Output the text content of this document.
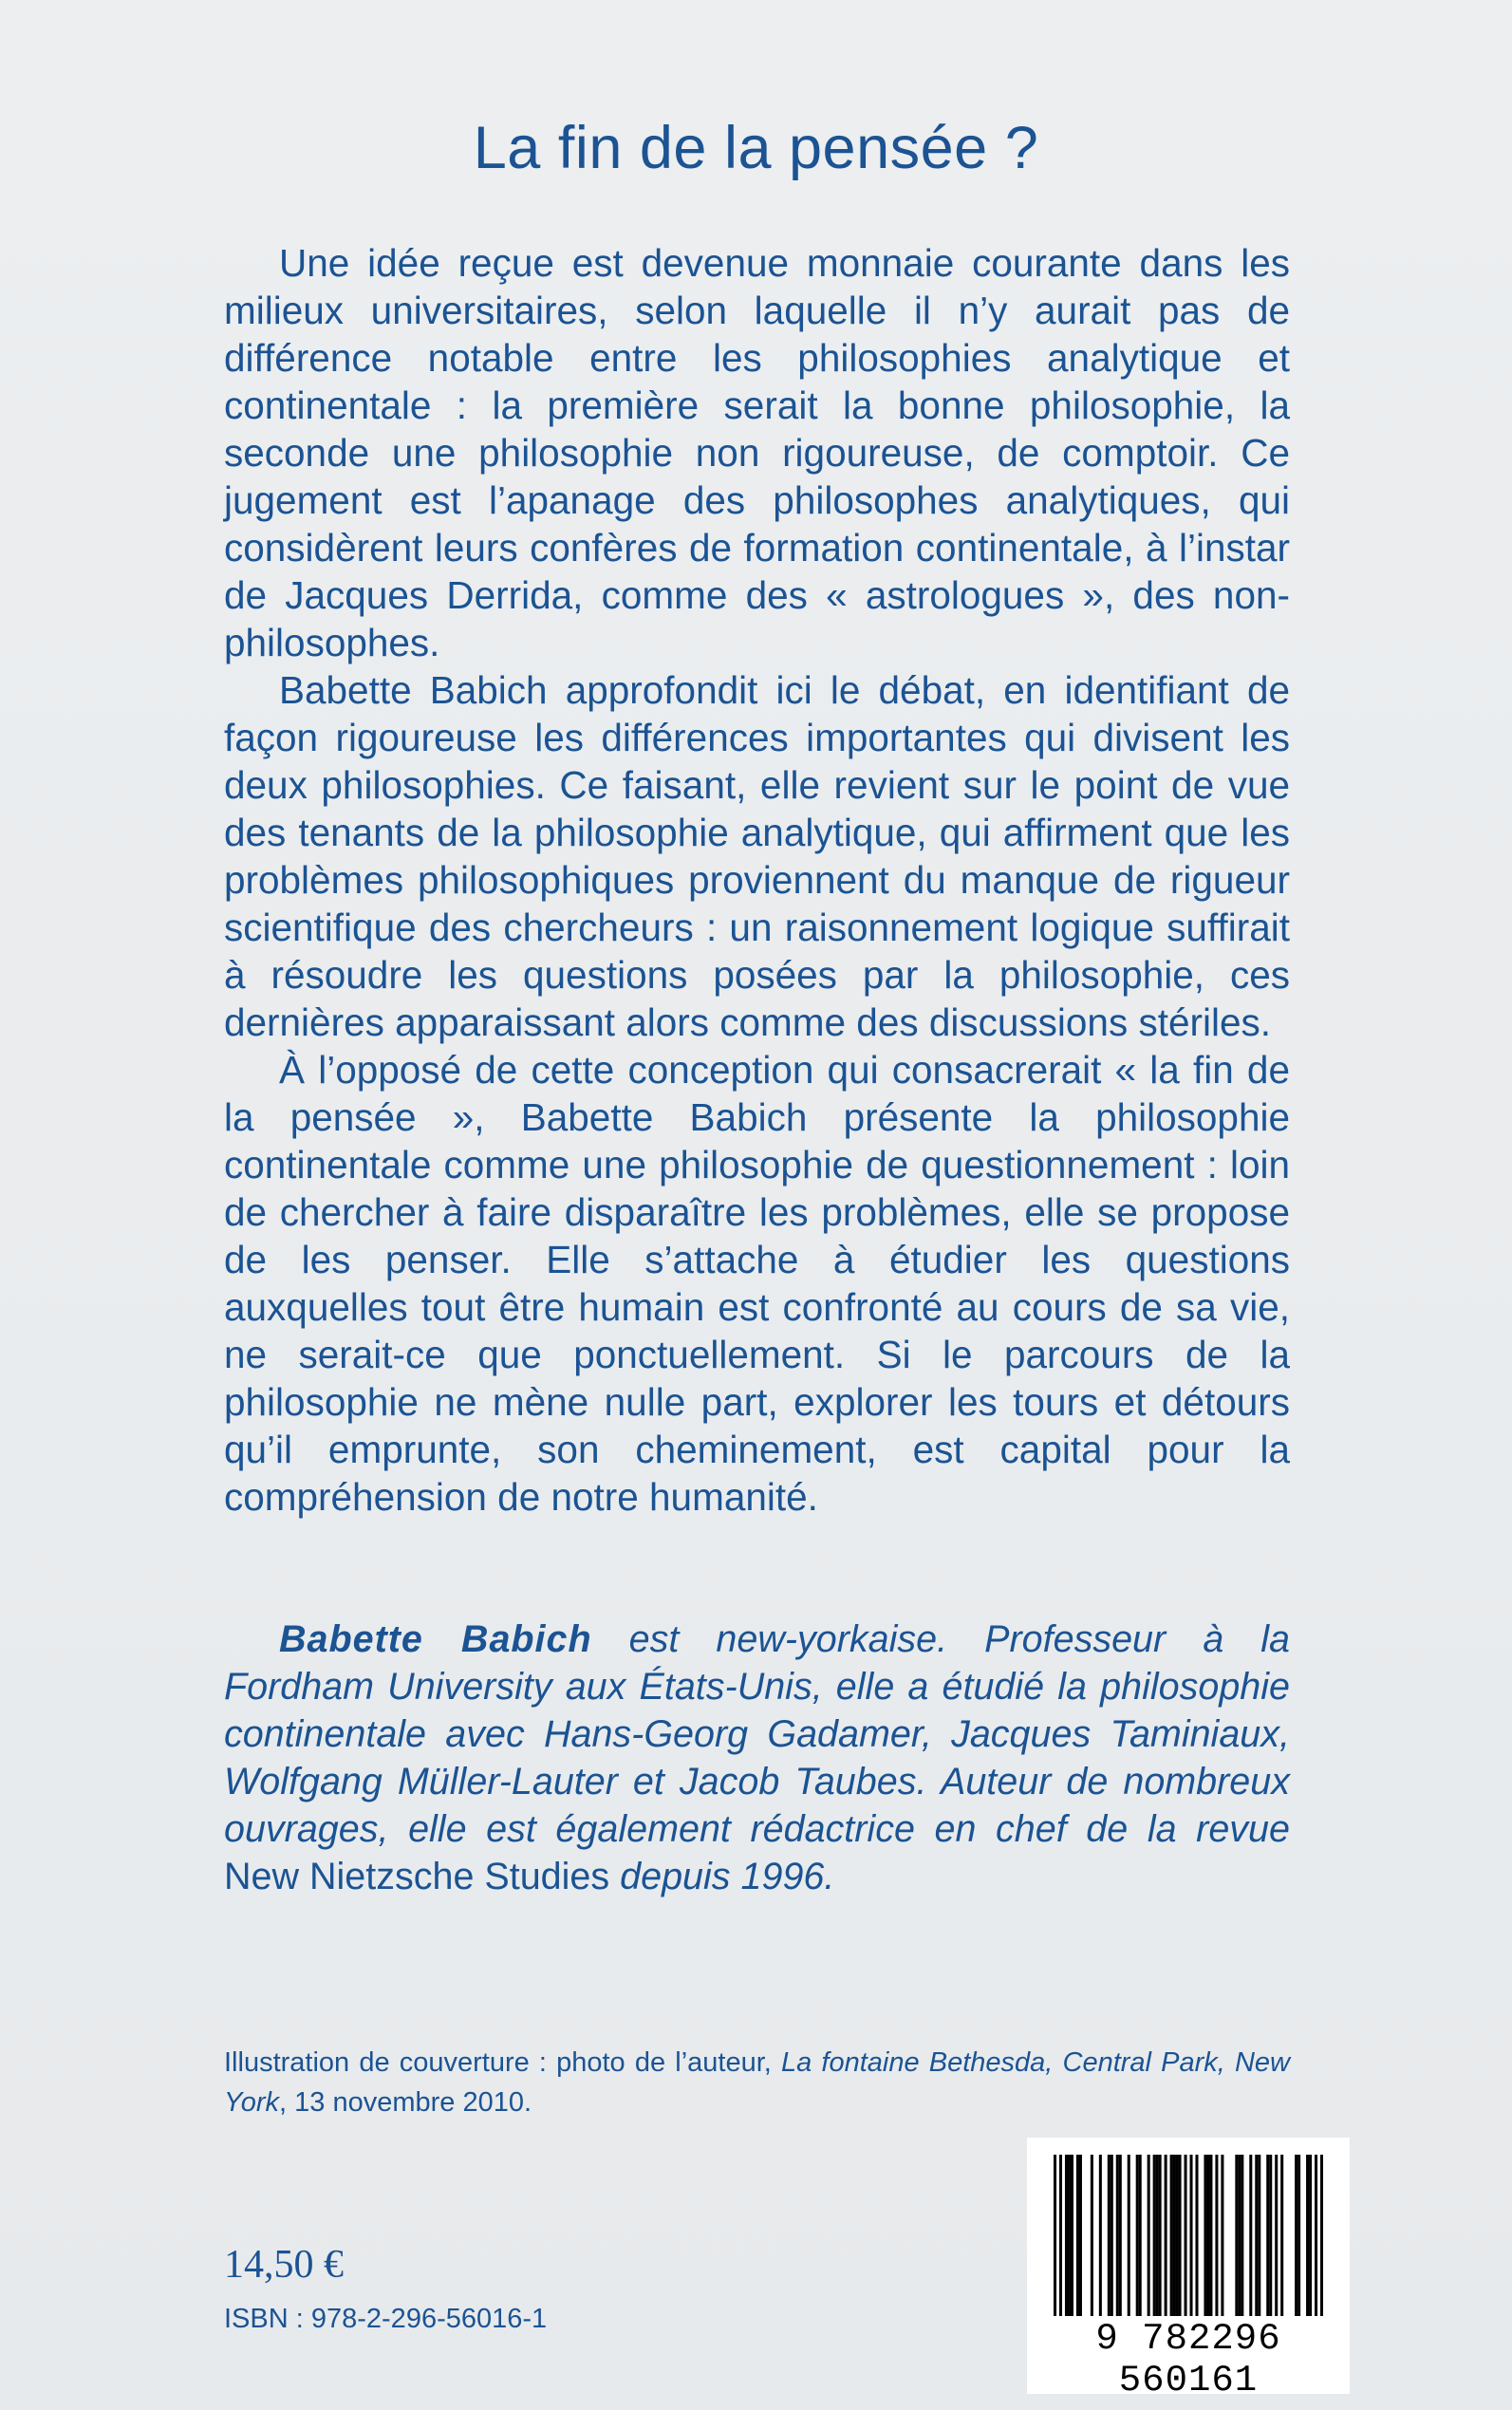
La fin de la pensée ?

Une idée reçue est devenue monnaie courante dans les milieux universitaires, selon laquelle il n’y aurait pas de différence notable entre les philosophies analytique et continentale : la première serait la bonne philosophie, la seconde une philosophie non rigoureuse, de comptoir. Ce jugement est l’apanage des philosophes analytiques, qui considèrent leurs confères de formation continentale, à l’instar de Jacques Derrida, comme des « astrologues », des non-philosophes.

Babette Babich approfondit ici le débat, en identifiant de façon rigoureuse les différences importantes qui divisent les deux philosophies. Ce faisant, elle revient sur le point de vue des tenants de la philosophie analytique, qui affirment que les problèmes philosophiques proviennent du manque de rigueur scientifique des chercheurs : un raisonnement logique suffirait à résoudre les questions posées par la philosophie, ces dernières apparaissant alors comme des discussions stériles.

À l’opposé de cette conception qui consacrerait « la fin de la pensée », Babette Babich présente la philosophie continentale comme une philosophie de questionnement : loin de chercher à faire disparaître les problèmes, elle se propose de les penser. Elle s’attache à étudier les questions auxquelles tout être humain est confronté au cours de sa vie, ne serait-ce que ponctuellement. Si le parcours de la philosophie ne mène nulle part, explorer les tours et détours qu’il emprunte, son cheminement, est capital pour la compréhension de notre humanité.

Babette Babich est new-yorkaise. Professeur à la Fordham University aux États-Unis, elle a étudié la philosophie continentale avec Hans-Georg Gadamer, Jacques Taminiaux, Wolfgang Müller-Lauter et Jacob Taubes. Auteur de nombreux ouvrages, elle est également rédactrice en chef de la revue New Nietzsche Studies depuis 1996.
Illustration de couverture : photo de l’auteur, La fontaine Bethesda, Central Park, New York, 13 novembre 2010.
14,50 €
ISBN : 978-2-296-56016-1	9 782296 560161
